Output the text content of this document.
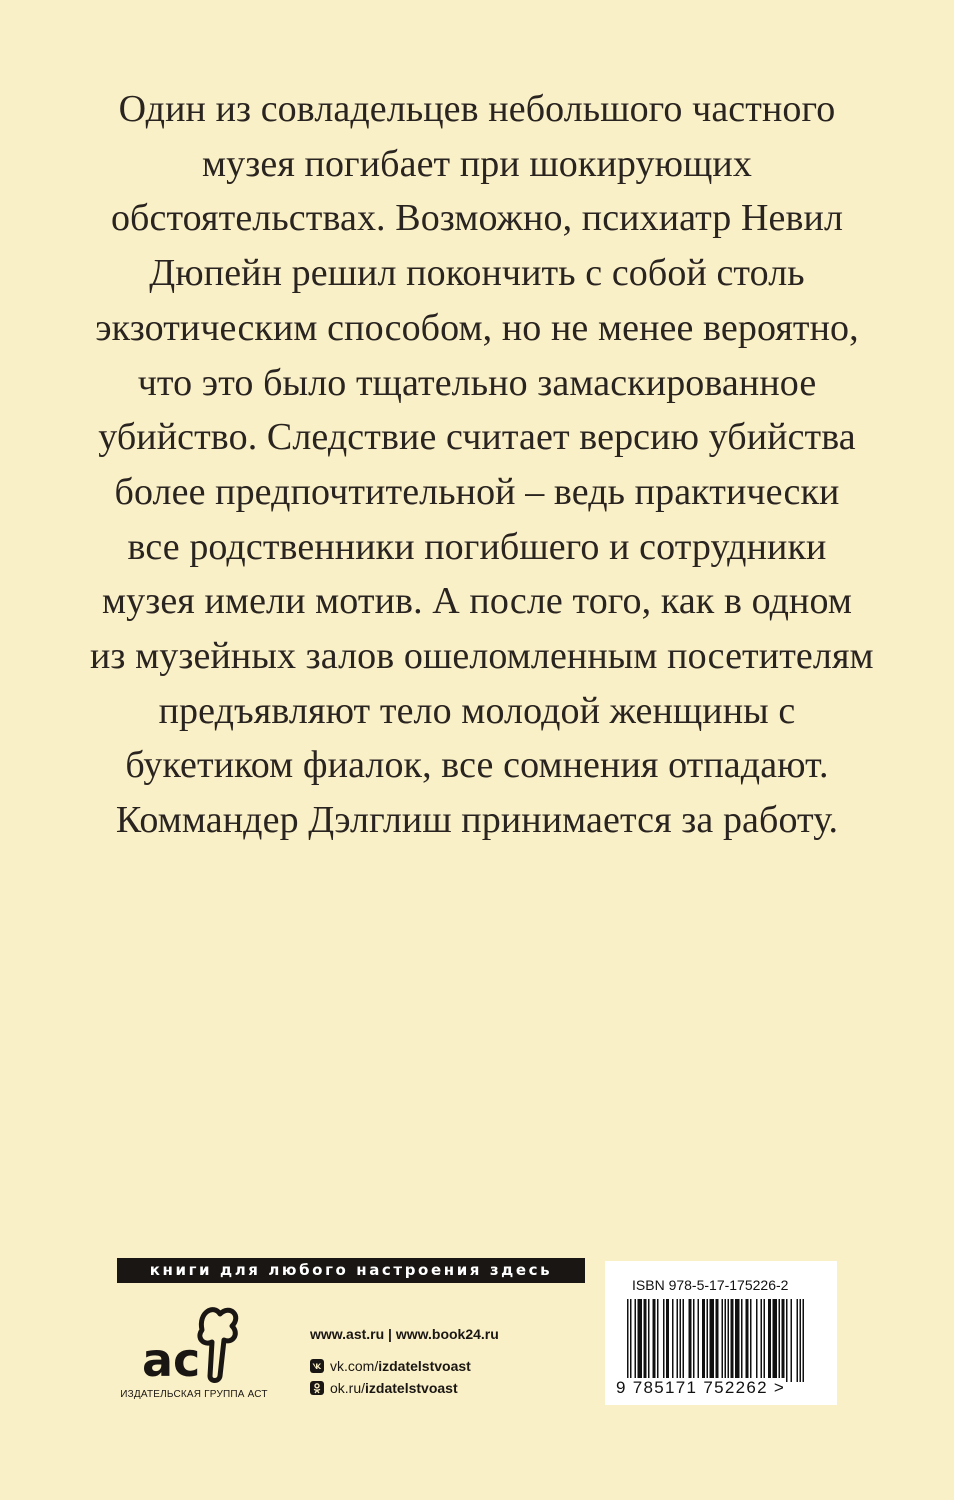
Один из совладельцев небольшого частного
музея погибает при шокирующих
обстоятельствах. Возможно, психиатр Невил
Дюпейн решил покончить с собой столь
экзотическим способом, но не менее вероятно,
что это было тщательно замаскированное
убийство. Следствие считает версию убийства
более предпочтительной – ведь практически
все родственники погибшего и сотрудники
музея имели мотив. А после того, как в одном
из музейных залов ошеломленным посетителям
предъявляют тело молодой женщины с
букетиком фиалок, все сомнения отпадают.
Коммандер Дэлглиш принимается за работу.
книги для любого настроения здесь
ac
ИЗДАТЕЛЬСКАЯ ГРУППА АСТ
www.ast.ru | www.book24.ru
vk.com/ izdatelstvoast
ok.ru/ izdatelstvoast
ISBN 978-5-17-175226-2
9 785171 752262 >
